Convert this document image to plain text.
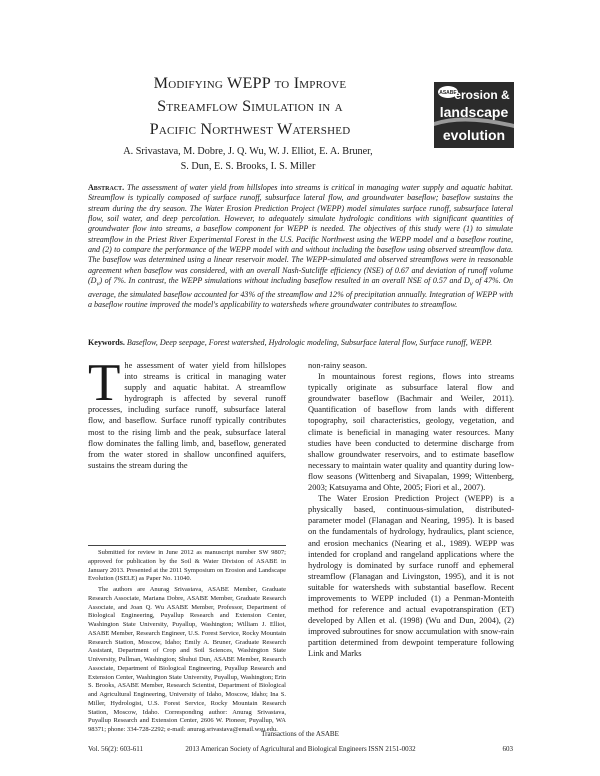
Modifying WEPP to Improve
Streamflow Simulation in a
Pacific Northwest Watershed
ASABE
erosion &
landscape
evolution
A. Srivastava, M. Dobre, J. Q. Wu, W. J. Elliot, E. A. Bruner,
S. Dun, E. S. Brooks, I. S. Miller
Abstract. The assessment of water yield from hillslopes into streams is critical in managing water supply and aquatic habitat. Streamflow is typically composed of surface runoff, subsurface lateral flow, and groundwater baseflow; baseflow sustains the stream during the dry season. The Water Erosion Prediction Project (WEPP) model simulates surface runoff, subsurface lateral flow, soil water, and deep percolation. However, to adequately simulate hydrologic conditions with significant quantities of groundwater flow into streams, a baseflow component for WEPP is needed. The objectives of this study were (1) to simulate streamflow in the Priest River Experimental Forest in the U.S. Pacific Northwest using the WEPP model and a baseflow routine, and (2) to compare the performance of the WEPP model with and without including the baseflow using observed streamflow data. The baseflow was determined using a linear reservoir model. The WEPP-simulated and observed streamflows were in reasonable agreement when baseflow was considered, with an overall Nash-Sutcliffe efficiency (NSE) of 0.67 and deviation of runoff volume $(D_v)$ of 7%. In contrast, the WEPP simulations without including baseflow resulted in an overall NSE of 0.57 and $D_v$ of 47%. On average, the simulated baseflow accounted for 43% of the streamflow and 12% of precipitation annually. Integration of WEPP with a baseflow routine improved the model's applicability to watersheds where groundwater contributes to streamflow.
Keywords. Baseflow, Deep seepage, Forest watershed, Hydrologic modeling, Subsurface lateral flow, Surface runoff, WEPP.

The assessment of water yield from hillslopes into streams is critical in managing water supply and aquatic habitat. A streamflow hydrograph is affected by several runoff processes, including surface runoff, subsurface lateral flow, and baseflow. Surface runoff typically contributes most to the rising limb and the peak, subsurface lateral flow dominates the falling limb, and, baseflow, generated from the water stored in shallow unconfined aquifers, sustains the stream during the

Submitted for review in June 2012 as manuscript number SW 9807; approved for publication by the Soil & Water Division of ASABE in January 2013. Presented at the 2011 Symposium on Erosion and Landscape Evolution (ISELE) as Paper No. 11040.

The authors are Anurag Srivastava, ASABE Member, Graduate Research Associate, Mariana Dobre, ASABE Member, Graduate Research Associate, and Joan Q. Wu ASABE Member, Professor, Department of Biological Engineering, Puyallup Research and Extension Center, Washington State University, Puyallup, Washington; William J. Elliot, ASABE Member, Research Engineer, U.S. Forest Service, Rocky Mountain Research Station, Moscow, Idaho; Emily A. Bruner, Graduate Research Assistant, Department of Crop and Soil Sciences, Washington State University, Pullman, Washington; Shuhui Dun, ASABE Member, Research Associate, Department of Biological Engineering, Puyallup Research and Extension Center, Washington State University, Puyallup, Washington; Erin S. Brooks, ASABE Member, Research Scientist, Department of Biological and Agricultural Engineering, University of Idaho, Moscow, Idaho; Ina S. Miller, Hydrologist, U.S. Forest Service, Rocky Mountain Research Station, Moscow, Idaho. Corresponding author: Anurag Srivastava, Puyallup Research and Extension Center, 2606 W. Pioneer, Puyallup, WA 98371; phone: 334-728-2292; e-mail: anurag.srivastava@email.wsu.edu.

non-rainy season.

In mountainous forest regions, flows into streams typically originate as subsurface lateral flow and groundwater baseflow (Bachmair and Weiler, 2011). Quantification of baseflow from lands with different topography, soil characteristics, geology, vegetation, and climate is beneficial in managing water resources. Many studies have been conducted to determine discharge from shallow groundwater reservoirs, and to estimate baseflow necessary to maintain water quality and quantity during low-flow seasons (Wittenberg and Sivapalan, 1999; Wittenberg, 2003; Katsuyama and Ohte, 2005; Fiori et al., 2007).

The Water Erosion Prediction Project (WEPP) is a physically based, continuous-simulation, distributed-parameter model (Flanagan and Nearing, 1995). It is based on the fundamentals of hydrology, hydraulics, plant science, and erosion mechanics (Nearing et al., 1989). WEPP was intended for cropland and rangeland applications where the hydrology is dominated by surface runoff and ephemeral streamflow (Flanagan and Livingston, 1995), and it is not suitable for watersheds with substantial baseflow. Recent improvements to WEPP included (1) a Penman-Monteith method for reference and actual evapotranspiration (ET) developed by Allen et al. (1998) (Wu and Dun, 2004), (2) improved subroutines for snow accumulation with snow-rain partition determined from dewpoint temperature following Link and Marks

Transactions of the ASABE
Vol. 56(2): 603-611	2013 American Society of Agricultural and Biological Engineers ISSN 2151-0032	603
